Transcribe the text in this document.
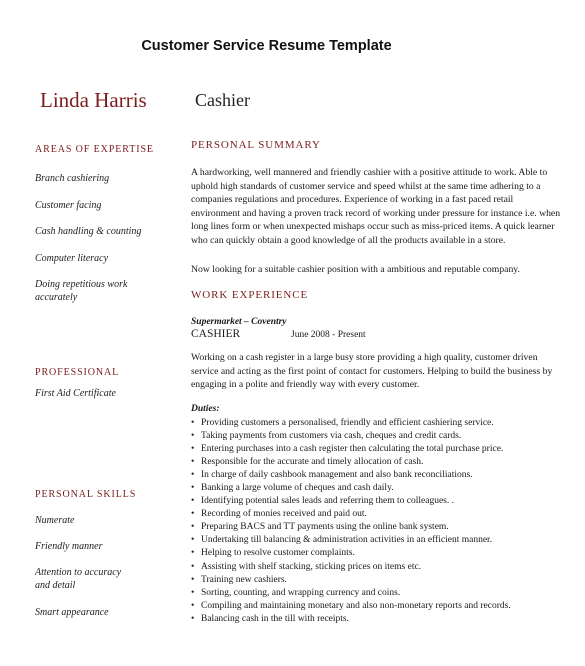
Customer Service Resume Template
Linda Harris	Cashier
AREAS OF EXPERTISE
Branch cashiering
Customer facing
Cash handling & counting
Computer literacy
Doing repetitious work accurately
PROFESSIONAL
First Aid Certificate
PERSONAL SKILLS
Numerate
Friendly manner
Attention to accuracy and detail
Smart appearance
PERSONAL SUMMARY
A hardworking, well mannered and friendly cashier with a positive attitude to work. Able to uphold high standards of customer service and speed whilst at the same time adhering to a companies regulations and procedures. Experience of working in a fast paced retail environment and having a proven track record of working under pressure for instance i.e. when long lines form or when unexpected mishaps occur such as miss-priced items. A quick learner who can quickly obtain a good knowledge of all the products available in a store.
Now looking for a suitable cashier position with a ambitious and reputable company.
WORK EXPERIENCE
Supermarket – Coventry
CASHIER	June 2008 - Present
Working on a cash register in a large busy store providing a high quality, customer driven service and acting as the first point of contact for customers. Helping to build the business by engaging in a polite and friendly way with every customer.
Duties:
• Providing customers a personalised, friendly and efficient cashiering service.
• Taking payments from customers via cash, cheques and credit cards.
• Entering purchases into a cash register then calculating the total purchase price.
• Responsible for the accurate and timely allocation of cash.
• In charge of daily cashbook management and also bank reconciliations.
• Banking a large volume of cheques and cash daily.
• Identifying potential sales leads and referring them to colleagues. .
• Recording of monies received and paid out.
• Preparing BACS and TT payments using the online bank system.
• Undertaking till balancing & administration activities in an efficient manner.
• Helping to resolve customer complaints.
• Assisting with shelf stacking, sticking prices on items etc.
• Training new cashiers.
• Sorting, counting, and wrapping currency and coins.
• Compiling and maintaining monetary and also non-monetary reports and records.
• Balancing cash in the till with receipts.
